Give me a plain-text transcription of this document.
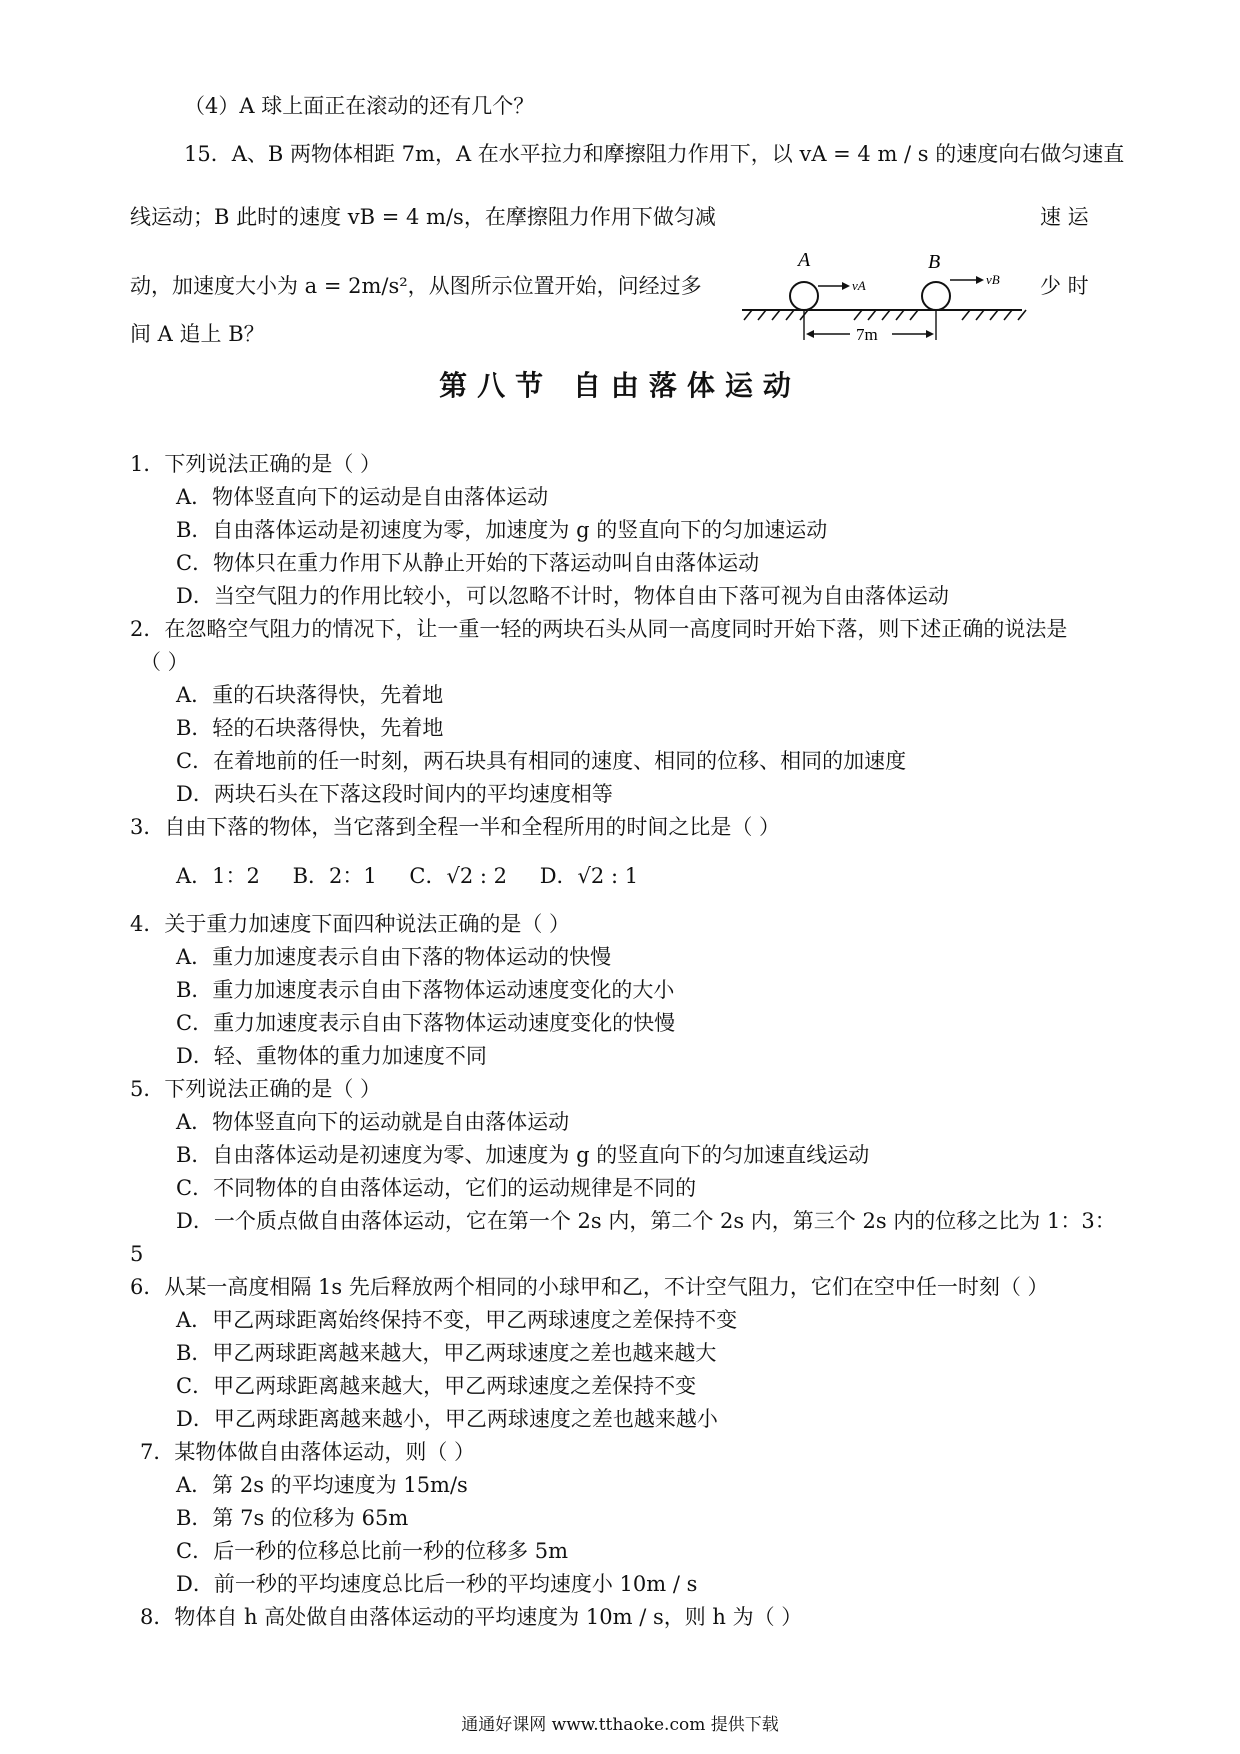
（4）A 球上面正在滚动的还有几个？
15．A、B 两物体相距 7m，A 在水平拉力和摩擦阻力作用下，以 vA = 4 m / s 的速度向右做匀速直
线运动；B 此时的速度 vB = 4 m/s，在摩擦阻力作用下做匀减	速 运
动，加速度大小为 a = 2m/s²，从图所示位置开始，问经过多	少 时
间 A 追上 B？
A	B
vA	vB
7m
第八节 自由落体运动
1．下列说法正确的是（ ）
A．物体竖直向下的运动是自由落体运动
B．自由落体运动是初速度为零，加速度为 g 的竖直向下的匀加速运动
C．物体只在重力作用下从静止开始的下落运动叫自由落体运动
D．当空气阻力的作用比较小，可以忽略不计时，物体自由下落可视为自由落体运动
2．在忽略空气阻力的情况下，让一重一轻的两块石头从同一高度同时开始下落，则下述正确的说法是
（ ）
A．重的石块落得快，先着地
B．轻的石块落得快，先着地
C．在着地前的任一时刻，两石块具有相同的速度、相同的位移、相同的加速度
D．两块石头在下落这段时间内的平均速度相等
3．自由下落的物体，当它落到全程一半和全程所用的时间之比是（ ）
A．1：2 B．2：1 C．√2 : 2 D．√2 : 1
4．关于重力加速度下面四种说法正确的是（ ）
A．重力加速度表示自由下落的物体运动的快慢
B．重力加速度表示自由下落物体运动速度变化的大小
C．重力加速度表示自由下落物体运动速度变化的快慢
D．轻、重物体的重力加速度不同
5．下列说法正确的是（ ）
A．物体竖直向下的运动就是自由落体运动
B．自由落体运动是初速度为零、加速度为 g 的竖直向下的匀加速直线运动
C．不同物体的自由落体运动，它们的运动规律是不同的
D．一个质点做自由落体运动，它在第一个 2s 内，第二个 2s 内，第三个 2s 内的位移之比为 1：3：
5
6．从某一高度相隔 1s 先后释放两个相同的小球甲和乙，不计空气阻力，它们在空中任一时刻（ ）
A．甲乙两球距离始终保持不变，甲乙两球速度之差保持不变
B．甲乙两球距离越来越大，甲乙两球速度之差也越来越大
C．甲乙两球距离越来越大，甲乙两球速度之差保持不变
D．甲乙两球距离越来越小，甲乙两球速度之差也越来越小
7．某物体做自由落体运动，则（ ）
A．第 2s 的平均速度为 15m/s
B．第 7s 的位移为 65m
C．后一秒的位移总比前一秒的位移多 5m
D．前一秒的平均速度总比后一秒的平均速度小 10m / s
8．物体自 h 高处做自由落体运动的平均速度为 10m / s，则 h 为（ ）
通通好课网 www.tthaoke.com 提供下载
